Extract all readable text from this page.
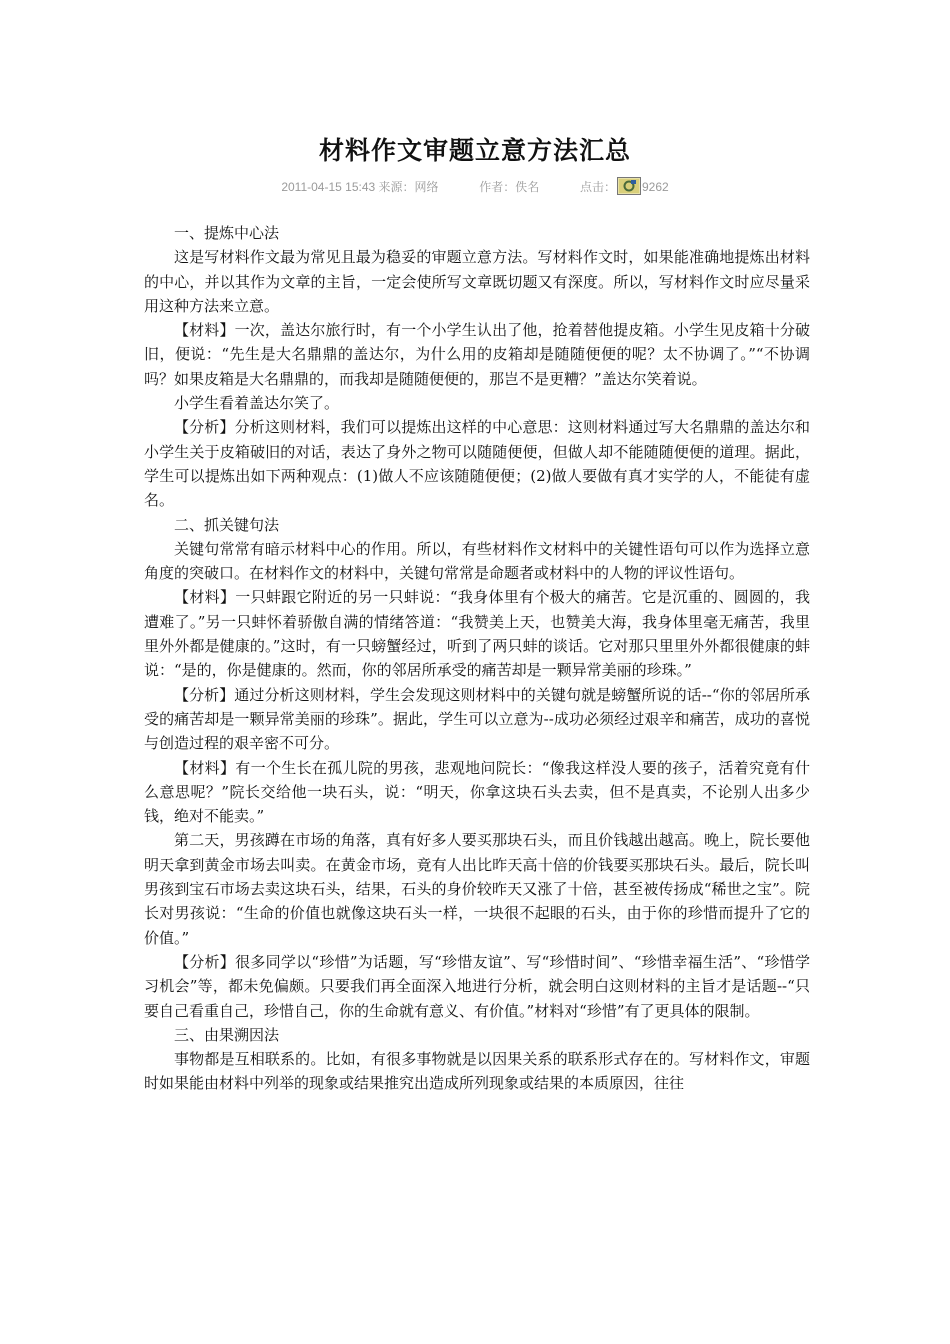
材料作文审题立意方法汇总
2011-04-15 15:43 来源：网络	作者：佚名	点击： 9262

一、提炼中心法

这是写材料作文最为常见且最为稳妥的审题立意方法。写材料作文时，如果能准确地提炼出材料的中心，并以其作为文章的主旨，一定会使所写文章既切题又有深度。所以，写材料作文时应尽量采用这种方法来立意。

【材料】一次，盖达尔旅行时，有一个小学生认出了他，抢着替他提皮箱。小学生见皮箱十分破旧，便说：“先生是大名鼎鼎的盖达尔，为什么用的皮箱却是随随便便的呢？太不协调了。”“不协调吗？如果皮箱是大名鼎鼎的，而我却是随随便便的，那岂不是更糟？”盖达尔笑着说。

小学生看着盖达尔笑了。

【分析】分析这则材料，我们可以提炼出这样的中心意思：这则材料通过写大名鼎鼎的盖达尔和小学生关于皮箱破旧的对话，表达了身外之物可以随随便便，但做人却不能随随便便的道理。据此，学生可以提炼出如下两种观点：(1)做人不应该随随便便；(2)做人要做有真才实学的人，不能徒有虚名。

二、抓关键句法

关键句常常有暗示材料中心的作用。所以，有些材料作文材料中的关键性语句可以作为选择立意角度的突破口。在材料作文的材料中，关键句常常是命题者或材料中的人物的评议性语句。

【材料】一只蚌跟它附近的另一只蚌说：“我身体里有个极大的痛苦。它是沉重的、圆圆的，我遭难了。”另一只蚌怀着骄傲自满的情绪答道：“我赞美上天，也赞美大海，我身体里毫无痛苦，我里里外外都是健康的。”这时，有一只螃蟹经过，听到了两只蚌的谈话。它对那只里里外外都很健康的蚌说：“是的，你是健康的。然而，你的邻居所承受的痛苦却是一颗异常美丽的珍珠。”

【分析】通过分析这则材料，学生会发现这则材料中的关键句就是螃蟹所说的话--“你的邻居所承受的痛苦却是一颗异常美丽的珍珠”。据此，学生可以立意为--成功必须经过艰辛和痛苦，成功的喜悦与创造过程的艰辛密不可分。

【材料】有一个生长在孤儿院的男孩，悲观地问院长：“像我这样没人要的孩子，活着究竟有什么意思呢？”院长交给他一块石头，说：“明天，你拿这块石头去卖，但不是真卖，不论别人出多少钱，绝对不能卖。”

第二天，男孩蹲在市场的角落，真有好多人要买那块石头，而且价钱越出越高。晚上，院长要他明天拿到黄金市场去叫卖。在黄金市场，竟有人出比昨天高十倍的价钱要买那块石头。最后，院长叫男孩到宝石市场去卖这块石头，结果，石头的身价较昨天又涨了十倍，甚至被传扬成“稀世之宝”。院长对男孩说：“生命的价值也就像这块石头一样，一块很不起眼的石头，由于你的珍惜而提升了它的价值。”

【分析】很多同学以“珍惜”为话题，写“珍惜友谊”、写“珍惜时间”、“珍惜幸福生活”、“珍惜学习机会”等，都未免偏颇。只要我们再全面深入地进行分析，就会明白这则材料的主旨才是话题--“只要自己看重自己，珍惜自己，你的生命就有意义、有价值。”材料对“珍惜”有了更具体的限制。

三、由果溯因法

事物都是互相联系的。比如，有很多事物就是以因果关系的联系形式存在的。写材料作文，审题时如果能由材料中列举的现象或结果推究出造成所列现象或结果的本质原因，往往
